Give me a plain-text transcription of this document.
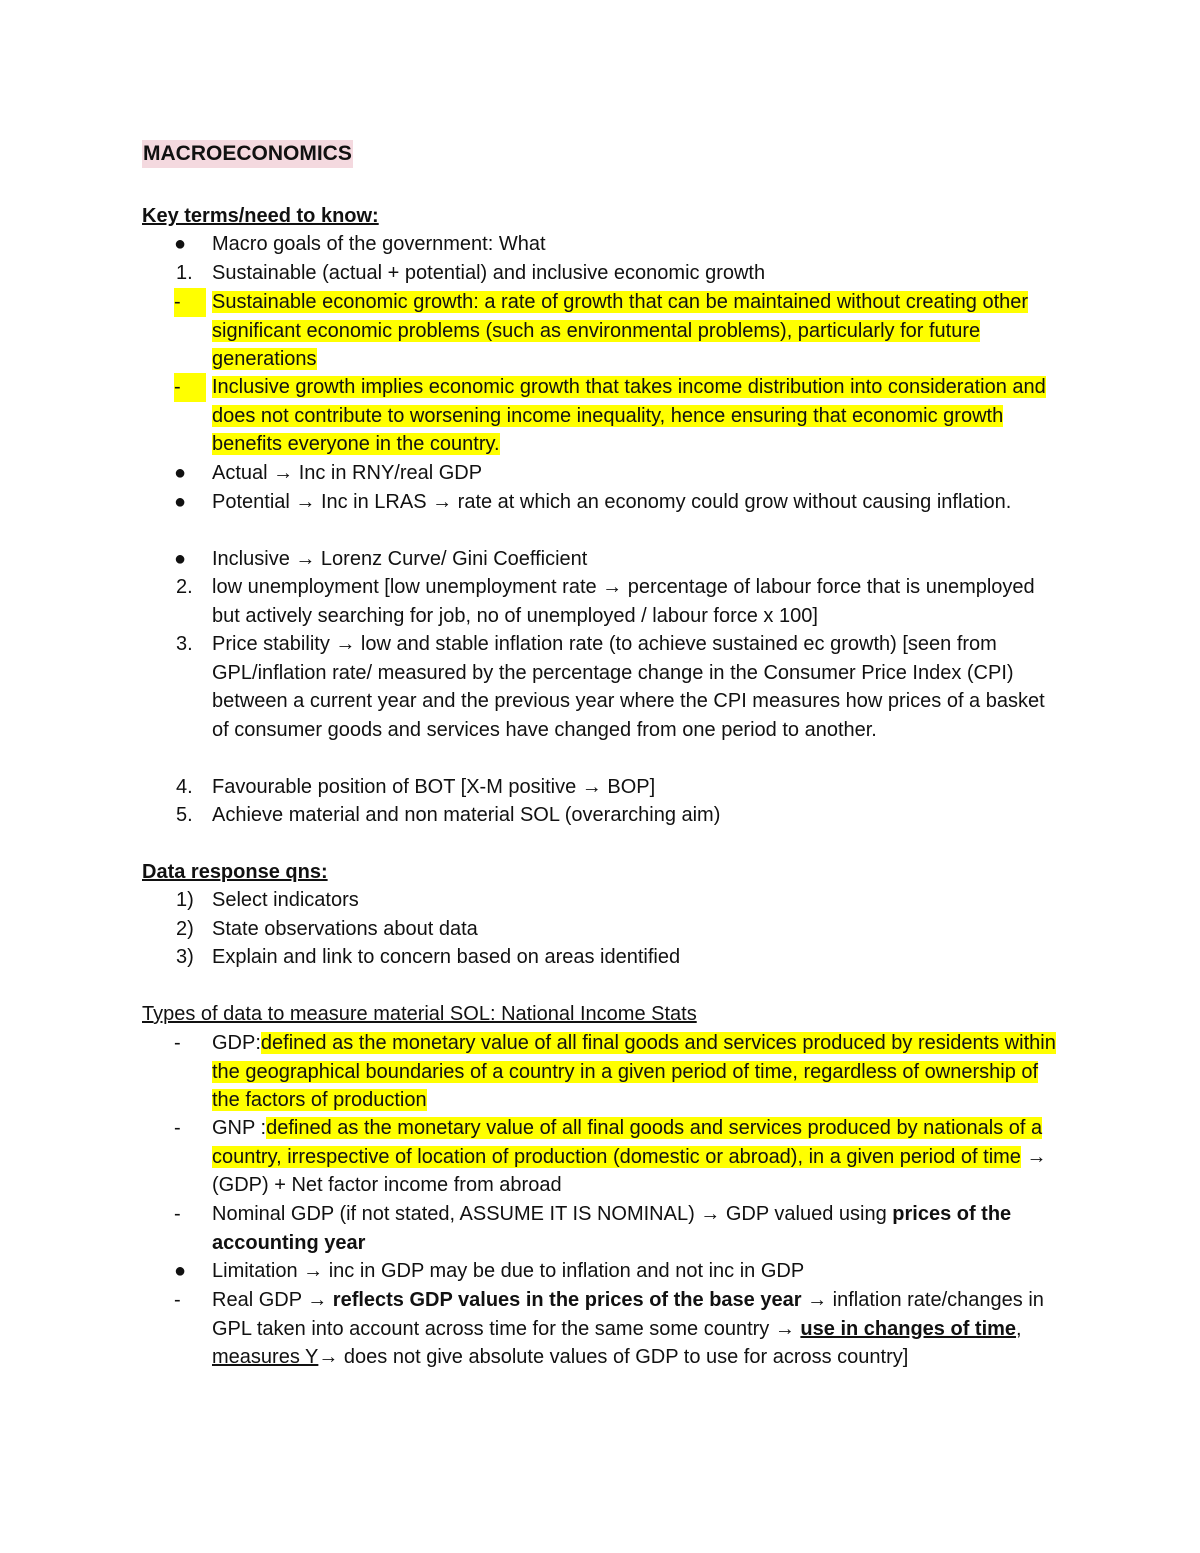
MACROECONOMICS
Key terms/need to know:
●	Macro goals of the government: What
1. Sustainable (actual + potential) and inclusive economic growth
-	Sustainable economic growth: a rate of growth that can be maintained without creating other significant economic problems (such as environmental problems), particularly for future generations
-	Inclusive growth implies economic growth that takes income distribution into consideration and does not contribute to worsening income inequality, hence ensuring that economic growth benefits everyone in the country.
●	Actual → Inc in RNY/real GDP
●	Potential → Inc in LRAS → rate at which an economy could grow without causing inflation.
●	Inclusive → Lorenz Curve/ Gini Coefficient
2. low unemployment [low unemployment rate → percentage of labour force that is unemployed but actively searching for job, no of unemployed / labour force x 100]
3. Price stability → low and stable inflation rate (to achieve sustained ec growth) [seen from GPL/inflation rate/ measured by the percentage change in the Consumer Price Index (CPI) between a current year and the previous year where the CPI measures how prices of a basket of consumer goods and services have changed from one period to another.
4. Favourable position of BOT [X-M positive → BOP]
5. Achieve material and non material SOL (overarching aim)
Data response qns:
1) Select indicators
2) State observations about data
3) Explain and link to concern based on areas identified
Types of data to measure material SOL: National Income Stats
-	GDP:defined as the monetary value of all final goods and services produced by residents within the geographical boundaries of a country in a given period of time, regardless of ownership of the factors of production
-	GNP :defined as the monetary value of all final goods and services produced by nationals of a country, irrespective of location of production (domestic or abroad), in a given period of time → (GDP) + Net factor income from abroad
-	Nominal GDP (if not stated, ASSUME IT IS NOMINAL) → GDP valued using prices of the accounting year
●	Limitation → inc in GDP may be due to inflation and not inc in GDP
-	Real GDP → reflects GDP values in the prices of the base year → inflation rate/changes in GPL taken into account across time for the same some country → use in changes of time, measures Y→ does not give absolute values of GDP to use for across country]
